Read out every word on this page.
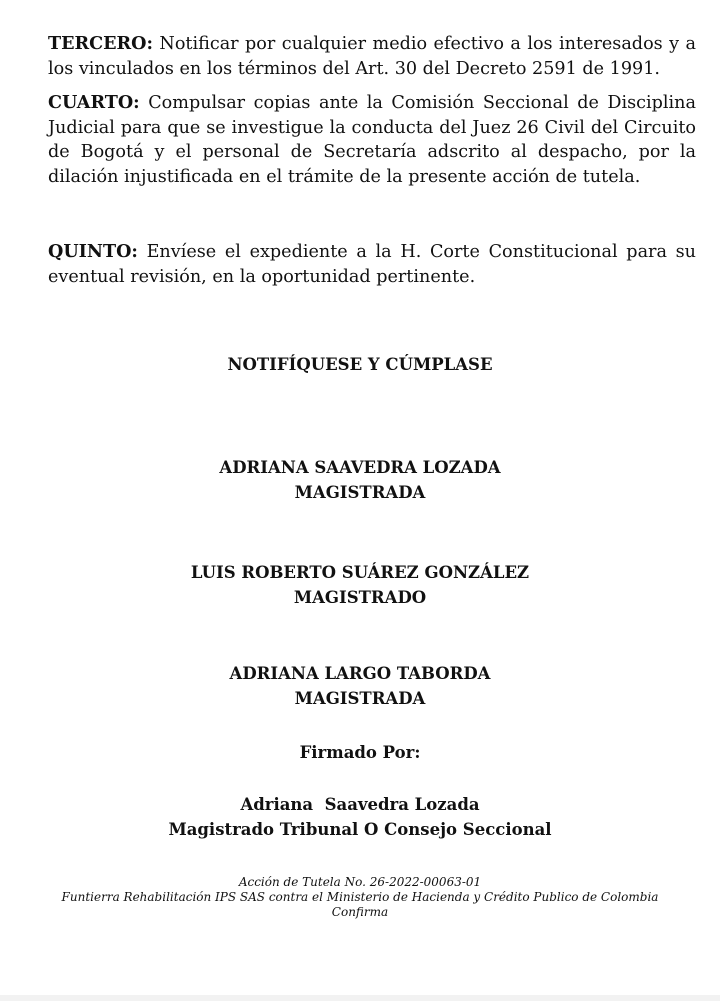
TERCERO: Notificar por cualquier medio efectivo a los interesados y a los vinculados en los términos del Art. 30 del Decreto 2591 de 1991.

CUARTO: Compulsar copias ante la Comisión Seccional de Disciplina Judicial para que se investigue la conducta del Juez 26 Civil del Circuito de Bogotá y el personal de Secretaría adscrito al despacho, por la dilación injustificada en el trámite de la presente acción de tutela.

QUINTO: Envíese el expediente a la H. Corte Constitucional para su eventual revisión, en la oportunidad pertinente.

NOTIFÍQUESE Y CÚMPLASE

ADRIANA SAAVEDRA LOZADA
MAGISTRADA
LUIS ROBERTO SUÁREZ GONZÁLEZ
MAGISTRADO
ADRIANA LARGO TABORDA
MAGISTRADA
Firmado Por:
Adriana  Saavedra Lozada
Magistrado Tribunal O Consejo Seccional
Acción de Tutela No. 26-2022-00063-01
Funtierra Rehabilitación IPS SAS contra el Ministerio de Hacienda y Crédito Publico de Colombia
Confirma
